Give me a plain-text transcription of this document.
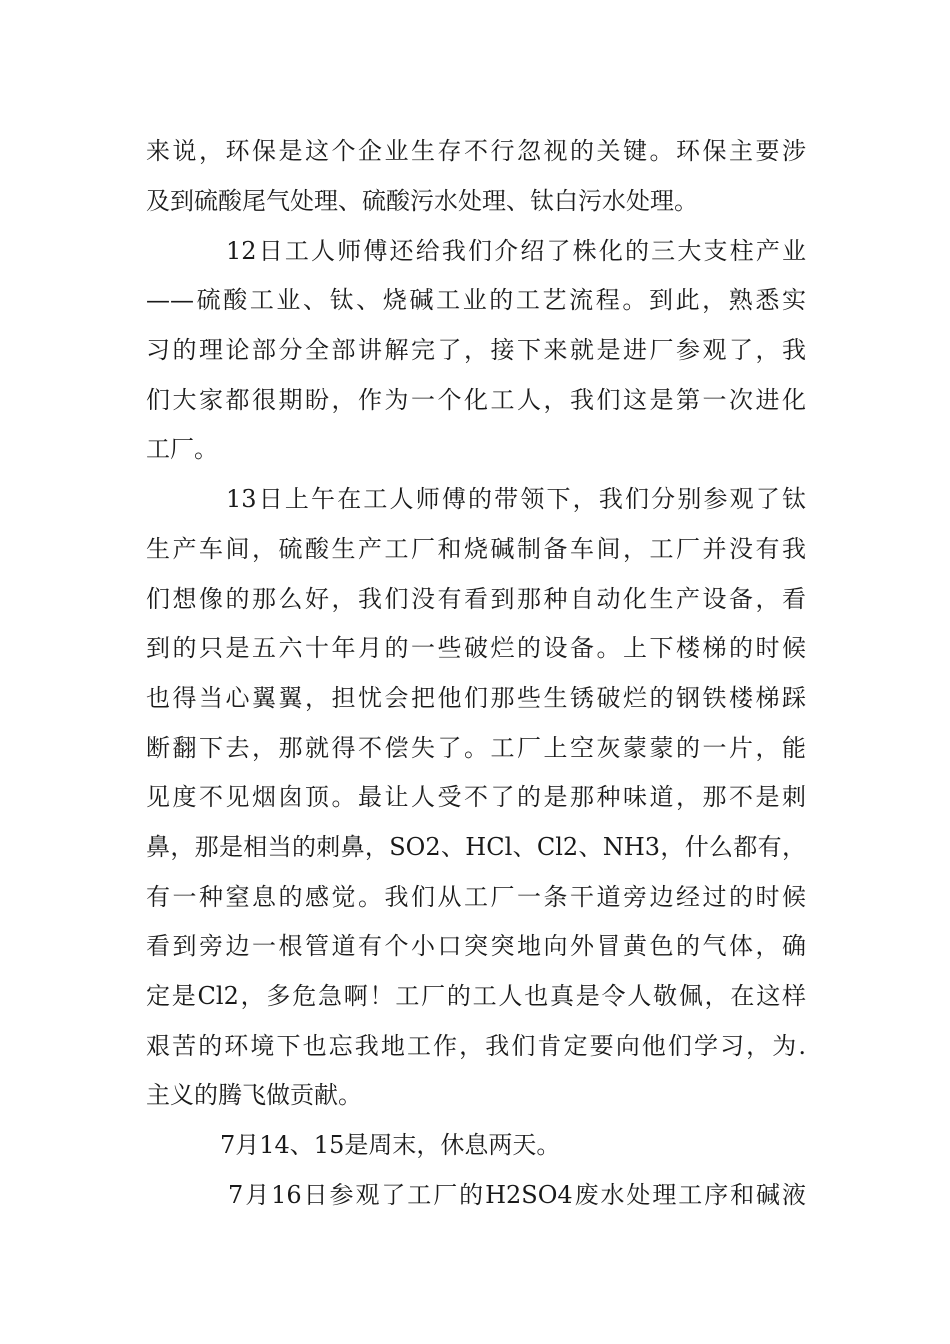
来说，环保是这个企业生存不行忽视的关键。环保主要涉
及到硫酸尾气处理、硫酸污水处理、钛白污水处理。
12日工人师傅还给我们介绍了株化的三大支柱产业
——硫酸工业、钛、烧碱工业的工艺流程。到此，熟悉实
习的理论部分全部讲解完了，接下来就是进厂参观了，我
们大家都很期盼，作为一个化工人，我们这是第一次进化
工厂。
13日上午在工人师傅的带领下，我们分别参观了钛
生产车间，硫酸生产工厂和烧碱制备车间，工厂并没有我
们想像的那么好，我们没有看到那种自动化生产设备，看
到的只是五六十年月的一些破烂的设备。上下楼梯的时候
也得当心翼翼，担忧会把他们那些生锈破烂的钢铁楼梯踩
断翻下去，那就得不偿失了。工厂上空灰蒙蒙的一片，能
见度不见烟囱顶。最让人受不了的是那种味道，那不是刺
鼻，那是相当的刺鼻，SO2、HCl、Cl2、NH3，什么都有，
有一种窒息的感觉。我们从工厂一条干道旁边经过的时候
看到旁边一根管道有个小口突突地向外冒黄色的气体，确
定是Cl2，多危急啊！工厂的工人也真是令人敬佩，在这样
艰苦的环境下也忘我地工作，我们肯定要向他们学习，为.
主义的腾飞做贡献。
7月14、15是周末，休息两天。
7月16日参观了工厂的H2SO4废水处理工序和碱液
